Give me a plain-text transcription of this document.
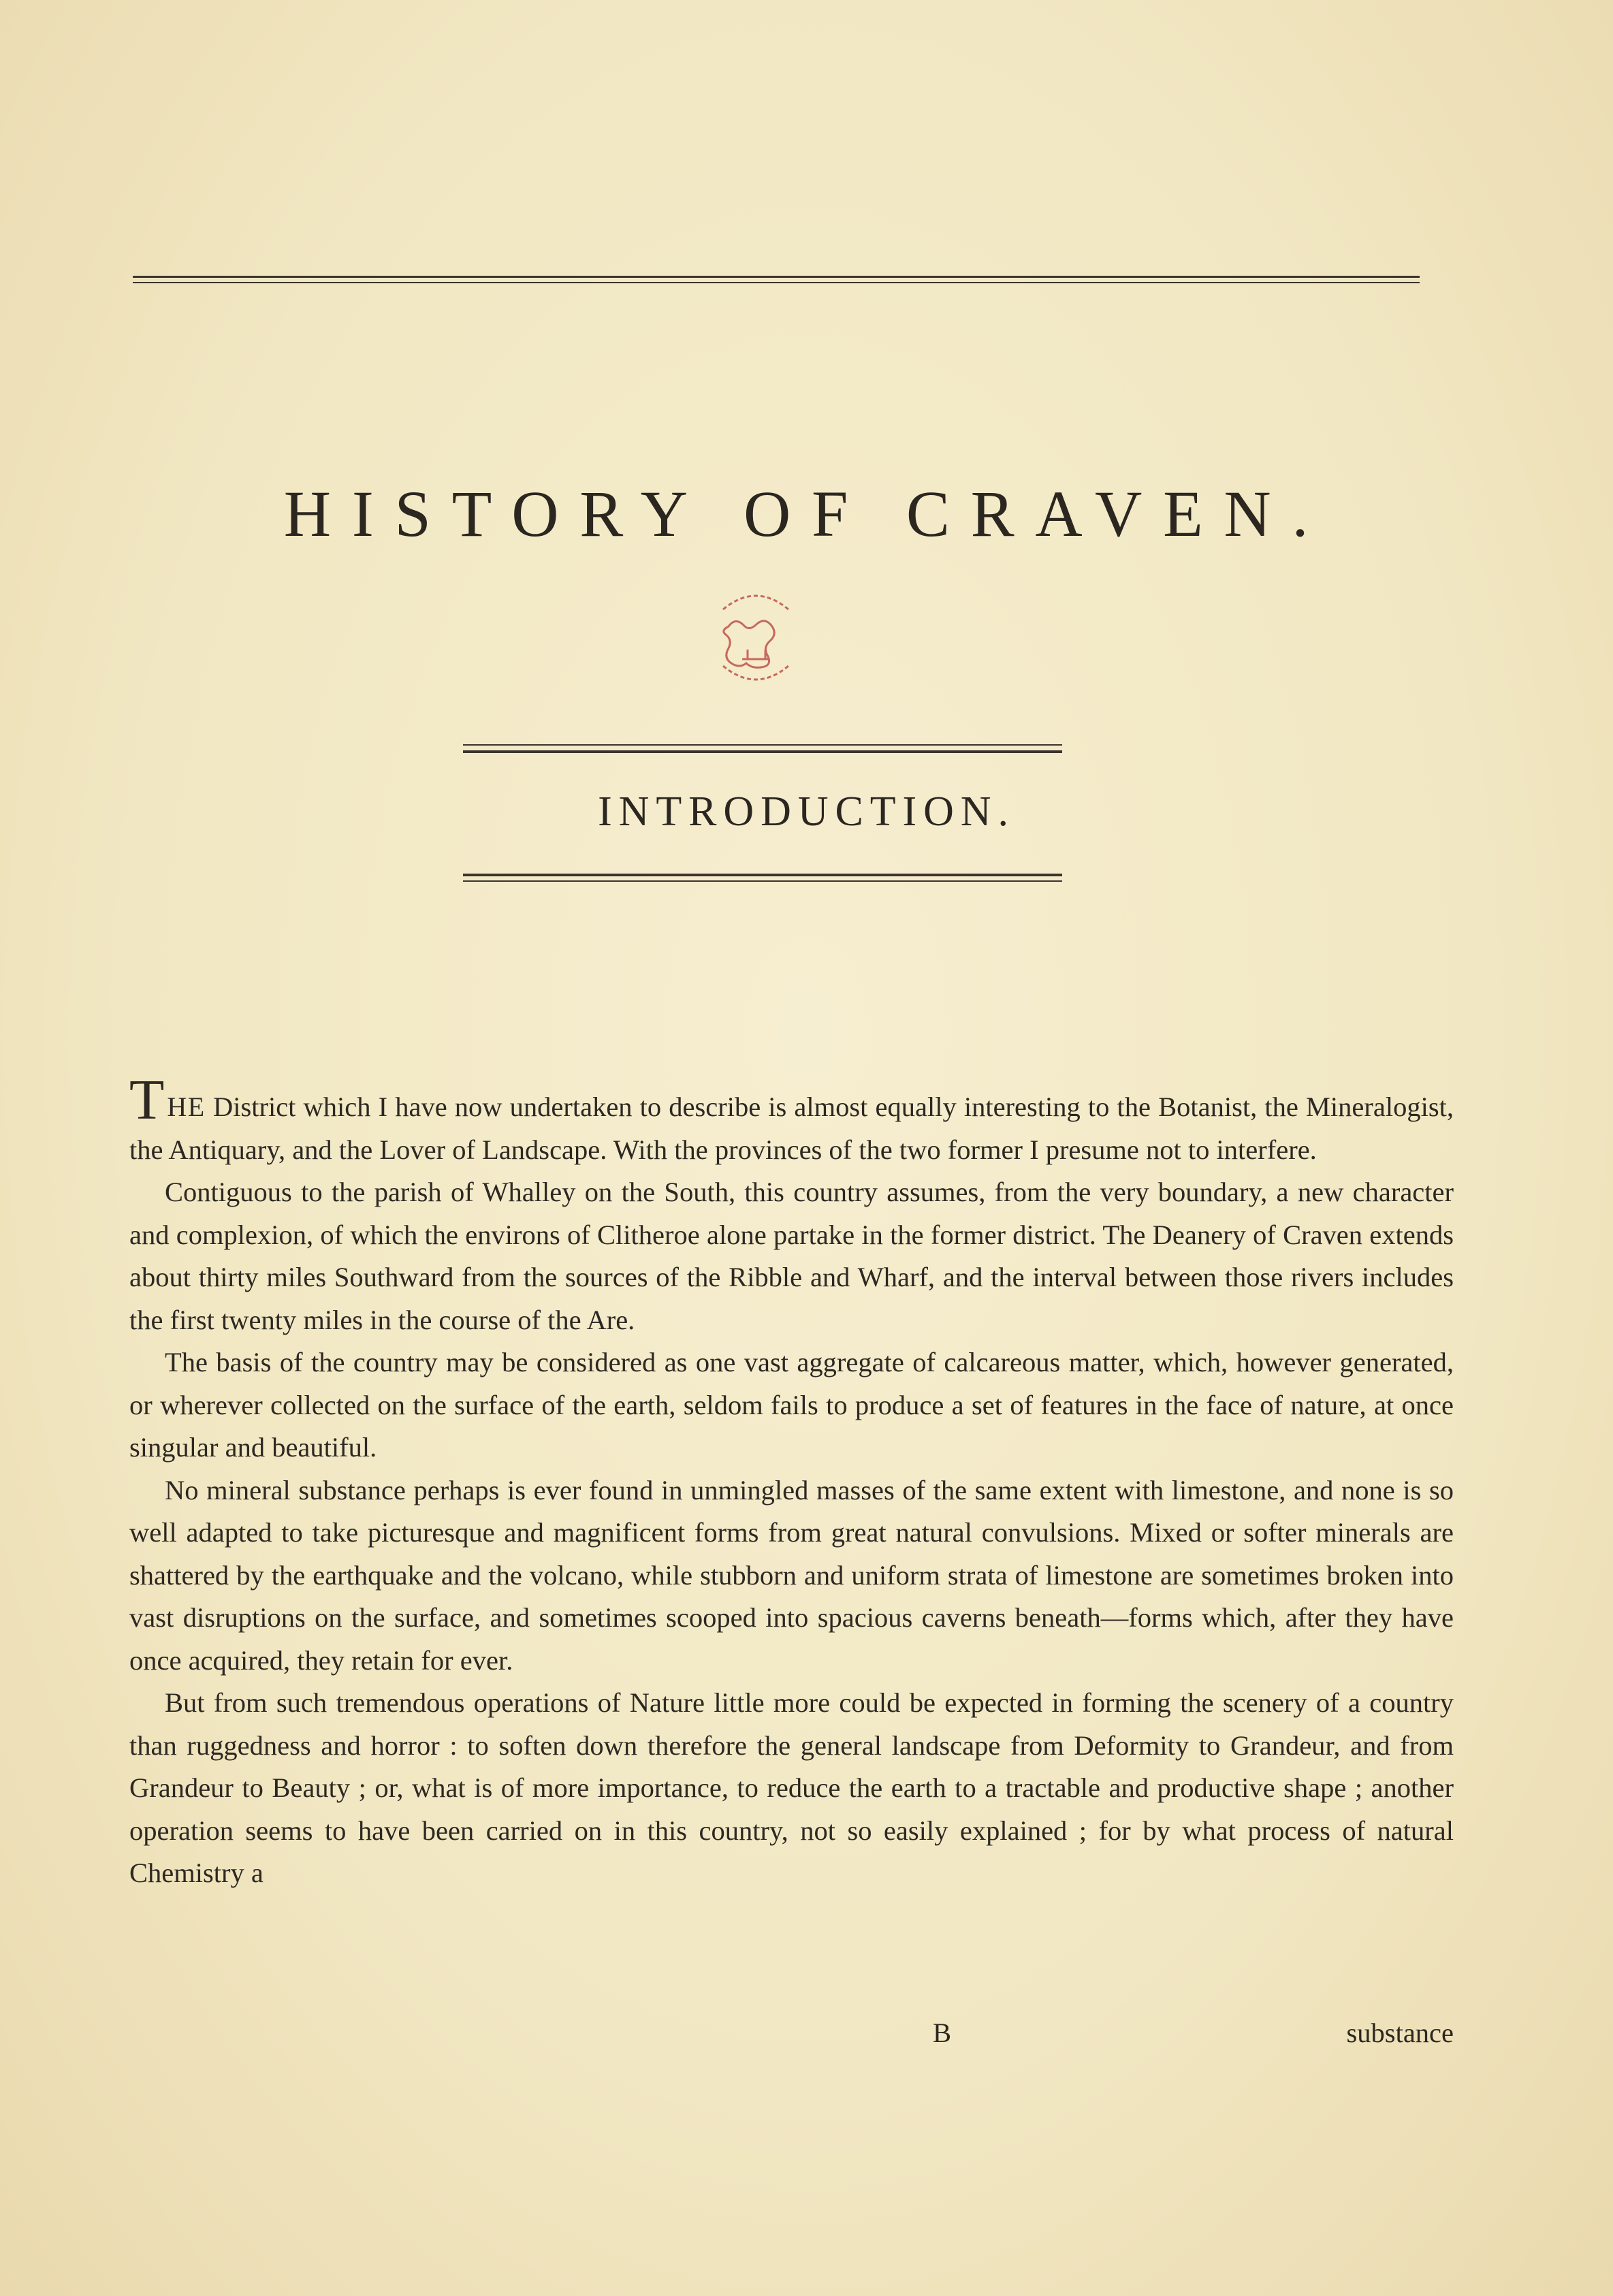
HISTORY OF CRAVEN.
INTRODUCTION.

THE District which I have now undertaken to describe is almost equally interesting to the Botanist, the Mineralogist, the Antiquary, and the Lover of Landscape. With the provinces of the two former I presume not to interfere.

Contiguous to the parish of Whalley on the South, this country assumes, from the very boundary, a new character and complexion, of which the environs of Clitheroe alone partake in the former district. The Deanery of Craven extends about thirty miles Southward from the sources of the Ribble and Wharf, and the interval between those rivers includes the first twenty miles in the course of the Are.

The basis of the country may be considered as one vast aggregate of calcareous matter, which, however generated, or wherever collected on the surface of the earth, seldom fails to produce a set of features in the face of nature, at once singular and beautiful.

No mineral substance perhaps is ever found in unmingled masses of the same extent with limestone, and none is so well adapted to take picturesque and magnificent forms from great natural convulsions. Mixed or softer minerals are shattered by the earthquake and the volcano, while stubborn and uniform strata of limestone are sometimes broken into vast disruptions on the surface, and sometimes scooped into spacious caverns beneath—forms which, after they have once acquired, they retain for ever.

But from such tremendous operations of Nature little more could be expected in forming the scenery of a country than ruggedness and horror : to soften down therefore the general landscape from Deformity to Grandeur, and from Grandeur to Beauty ; or, what is of more importance, to reduce the earth to a tractable and productive shape ; another operation seems to have been carried on in this country, not so easily explained ; for by what process of natural Chemistry a

B	substance
